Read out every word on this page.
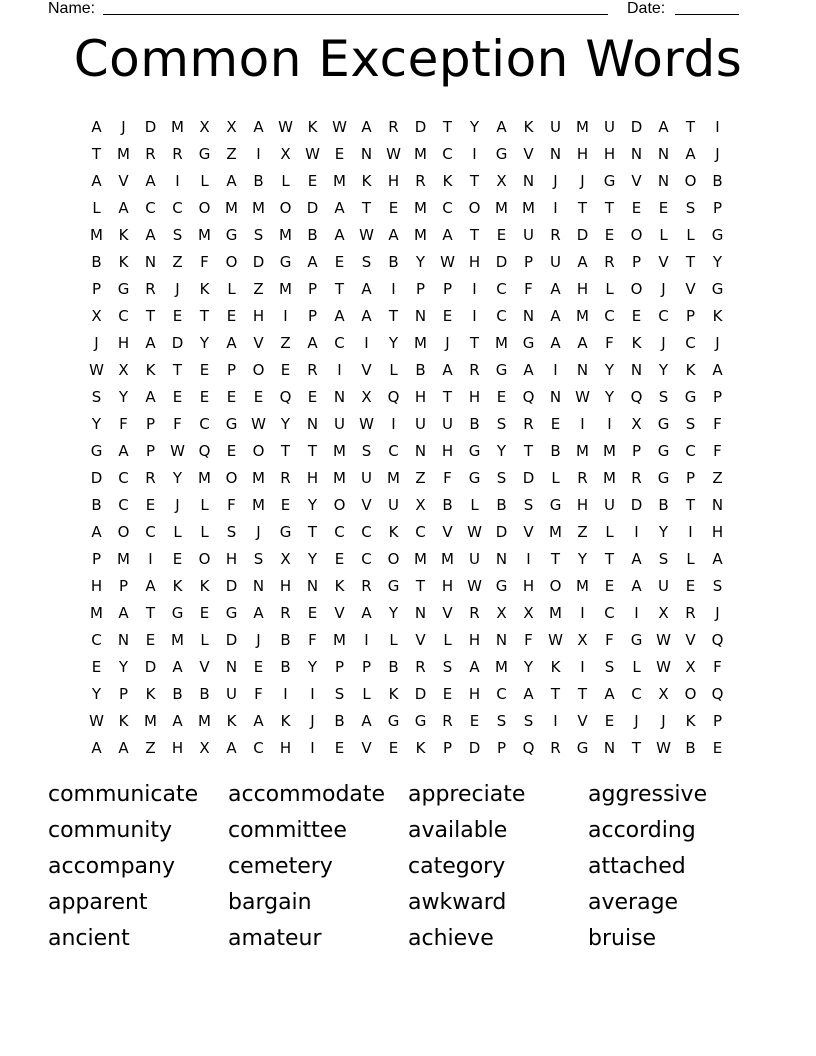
Name:	Date:
Common Exception Words
A	J	D M	X	X	A W K W A	R	D	T	Y	A	K	U	M	U	D	A	T	I
T	M	R	R	G	Z	I	X W E	N W M	C	I	G	V	N	H	H	N	N	A	J
A	V	A	I	L	A	B	L	E	M	K	H	R	K	T	X	N	J	J	G	V	N	O	B
L	A	C	C	O M M O	D	A	T	E	M	C	O M M	I	T	T	E	E	S	P
M	K	A	S	M G	S	M	B	A W A	M	A	T	E	U	R	D	E	O	L	L	G
B	K	N	Z	F	O	D	G	A	E	S	B	Y	W H	D	P	U	A	R	P	V	T	Y
P	G	R	J	K	L	Z	M	P	T	A	I	P	P	I	C	F	A	H	L	O	J	V	G
X	C	T	E	T	E	H	I	P	A	A	T	N	E	I	C	N	A	M	C	E	C	P	K
J	H	A	D	Y	A	V	Z	A	C	I	Y	M	J	T	M G	A	A	F	K	J	C	J
W X	K	T	E	P	O	E	R	I	V	L	B	A	R	G	A	I	N	Y	N	Y	K	A
S	Y	A	E	E	E	E	Q	E	N	X	Q	H	T	H	E	Q	N W Y	Q	S	G	P
Y	F	P	F	C	G W Y	N	U W	I	U	U	B	S	R	E	I	I	X	G	S	F
G	A	P	W Q	E	O	T	T	M	S	C	N	H	G	Y	T	B	M M	P	G	C	F
D	C	R	Y	M O M	R	H M	U	M	Z	F	G	S	D	L	R	M	R	G	P	Z
B	C	E	J	L	F	M	E	Y	O	V	U	X	B	L	B	S	G	H	U	D	B	T	N
A	O	C	L	L	S	J	G	T	C	C	K	C	V W D	V	M	Z	L	I	Y	I	H
P	M	I	E	O	H	S	X	Y	E	C	O M M	U	N	I	T	Y	T	A	S	L	A
H	P	A	K	K	D	N	H	N	K	R	G	T	H W G	H	O M	E	A	U	E	S
M	A	T	G	E	G	A	R	E	V	A	Y	N	V	R	X	X	M	I	C	I	X	R	J
C	N	E	M	L	D	J	B	F	M	I	L	V	L	H	N	F	W X	F	G W V	Q
E	Y	D	A	V	N	E	B	Y	P	P	B	R	S	A	M	Y	K	I	S	L	W X	F
Y	P	K	B	B	U	F	I	I	S	L	K	D	E	H	C	A	T	T	A	C	X	O	Q
W K	M	A	M	K	A	K	J	B	A	G	G	R	E	S	S	I	V	E	J	J	K	P
A	A	Z	H	X	A	C	H	I	E	V	E	K	P	D	P	Q	R	G	N	T	W B	E
communicate	accommodate	appreciate	aggressive
community	committee	available	according
accompany	cemetery	category	attached
apparent	bargain	awkward	average
ancient	amateur	achieve	bruise
